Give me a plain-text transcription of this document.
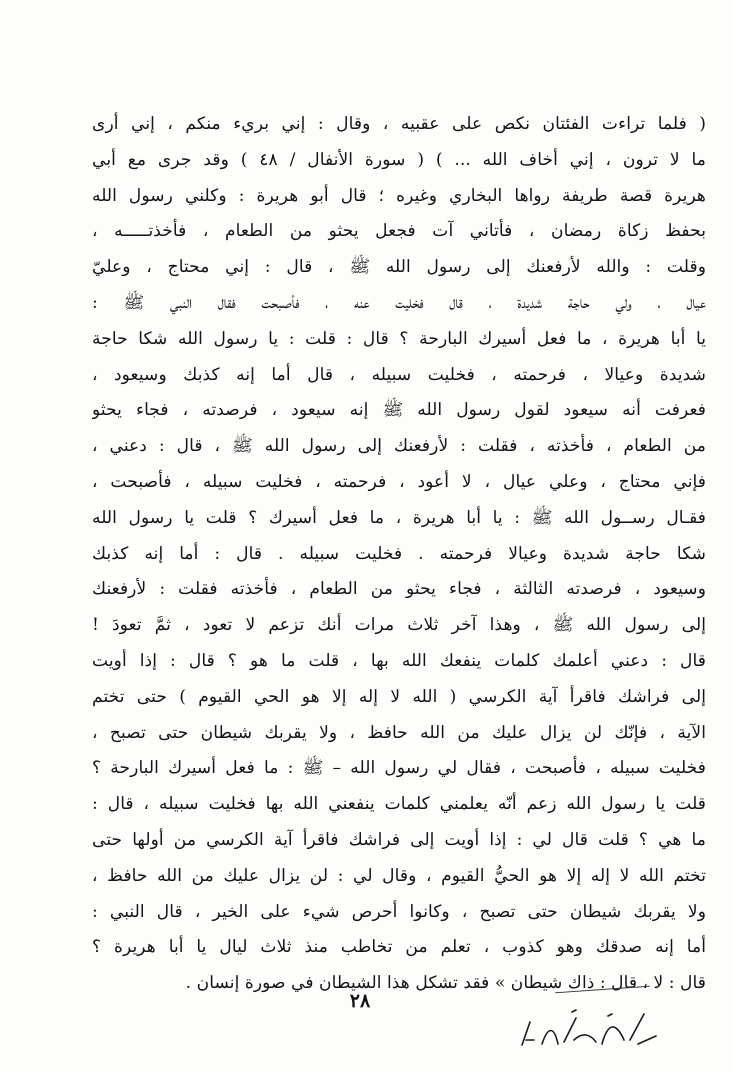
( فلما تراءت الفئتان نكص على عقبيه ، وقال : إني بريء منكم ، إني أرى
ما لا ترون ، إني أخاف الله ... ) ( سورة الأنفال / ٤٨ ) وقد جرى مع أبي
هريرة قصة طريفة رواها البخاري وغيره ؛ قال أبو هريرة : وكلني رسول الله
بحفظ زكاة رمضان ، فأتاني آت فجعل يحثو من الطعام ، فأخذتـــــه ،
وقلت : والله لأرفعنك إلى رسول الله ﷺ ، قال : إني محتاج ، وعليّ
عيال ، ولي حاجة شديدة ، قال فخليت عنه ، فأصبحت فقال النبي ﷺ :
يا أبا هريرة ، ما فعل أسيرك البارحة ؟ قال : قلت : يا رسول الله شكا حاجة
شديدة وعيالا ، فرحمته ، فخليت سبيله ، قال أما إنه كذبك وسيعود ،
فعرفت أنه سيعود لقول رسول الله ﷺ إنه سيعود ، فرصدته ، فجاء يحثو
من الطعام ، فأخذته ، فقلت : لأرفعنك إلى رسول الله ﷺ ، قال : دعني ،
فإني محتاج ، وعلي عيال ، لا أعود ، فرحمته ، فخليت سبيله ، فأصبحت ،
فقـال رســول الله ﷺ : يا أبا هريرة ، ما فعل أسيرك ؟ قلت يا رسول الله
شكا حاجة شديدة وعيالا فرحمته . فخليت سبيله . قال : أما إنه كذبك
وسيعود ، فرصدته الثالثة ، فجاء يحثو من الطعام ، فأخذته فقلت : لأرفعنك
إلى رسول الله ﷺ ، وهذا آخر ثلاث مرات أنك تزعم لا تعود ، ثمَّ تعودَ !
قال : دعني أعلمك كلمات ينفعك الله بها ، قلت ما هو ؟ قال : إذا أويت
إلى فراشك فاقرأ آية الكرسي ( الله لا إله إلا هو الحي القيوم ) حتى تختم
الآية ، فإنّك لن يزال عليك من الله حافظ ، ولا يقربك شيطان حتى تصبح ،
فخليت سبيله ، فأصبحت ، فقال لي رسول الله – ﷺ : ما فعل أسيرك البارحة ؟
قلت يا رسول الله زعم أنّه يعلمني كلمات ينفعني الله بها فخليت سبيله ، قال :
ما هي ؟ قلت قال لي : إذا أويت إلى فراشك فاقرأ آية الكرسي من أولها حتى
تختم الله لا إله إلا هو الحيُّ القيوم ، وقال لي : لن يزال عليك من الله حافظ ،
ولا يقربك شيطان حتى تصبح ، وكانوا أحرص شيء على الخير ، قال النبي :
أما إنه صدقك وهو كذوب ، تعلم من تخاطب منذ ثلاث ليال يا أبا هريرة ؟
قال : لا ، قال : ذاك شيطان » فقد تشكل هذا الشيطان في صورة إنسان .
٢٨
